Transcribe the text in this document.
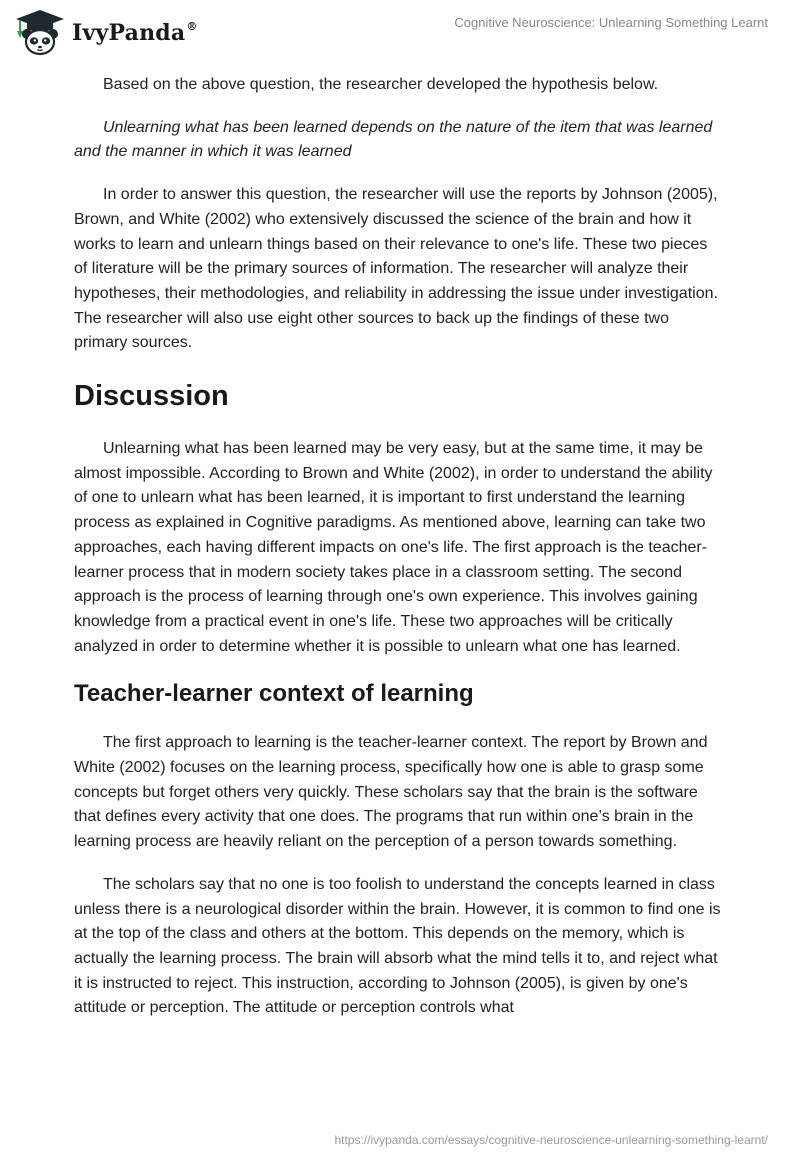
IvyPanda®	Cognitive Neuroscience: Unlearning Something Learnt

Based on the above question, the researcher developed the hypothesis below.

Unlearning what has been learned depends on the nature of the item that was learned and the manner in which it was learned

In order to answer this question, the researcher will use the reports by Johnson (2005), Brown, and White (2002) who extensively discussed the science of the brain and how it works to learn and unlearn things based on their relevance to one's life. These two pieces of literature will be the primary sources of information. The researcher will analyze their hypotheses, their methodologies, and reliability in addressing the issue under investigation. The researcher will also use eight other sources to back up the findings of these two primary sources.

Discussion

Unlearning what has been learned may be very easy, but at the same time, it may be almost impossible. According to Brown and White (2002), in order to understand the ability of one to unlearn what has been learned, it is important to first understand the learning process as explained in Cognitive paradigms. As mentioned above, learning can take two approaches, each having different impacts on one's life. The first approach is the teacher-learner process that in modern society takes place in a classroom setting. The second approach is the process of learning through one's own experience. This involves gaining knowledge from a practical event in one's life. These two approaches will be critically analyzed in order to determine whether it is possible to unlearn what one has learned.

Teacher-learner context of learning

The first approach to learning is the teacher-learner context. The report by Brown and White (2002) focuses on the learning process, specifically how one is able to grasp some concepts but forget others very quickly. These scholars say that the brain is the software that defines every activity that one does. The programs that run within one’s brain in the learning process are heavily reliant on the perception of a person towards something.

The scholars say that no one is too foolish to understand the concepts learned in class unless there is a neurological disorder within the brain. However, it is common to find one is at the top of the class and others at the bottom. This depends on the memory, which is actually the learning process. The brain will absorb what the mind tells it to, and reject what it is instructed to reject. This instruction, according to Johnson (2005), is given by one's attitude or perception. The attitude or perception controls what

https://ivypanda.com/essays/cognitive-neuroscience-unlearning-something-learnt/
